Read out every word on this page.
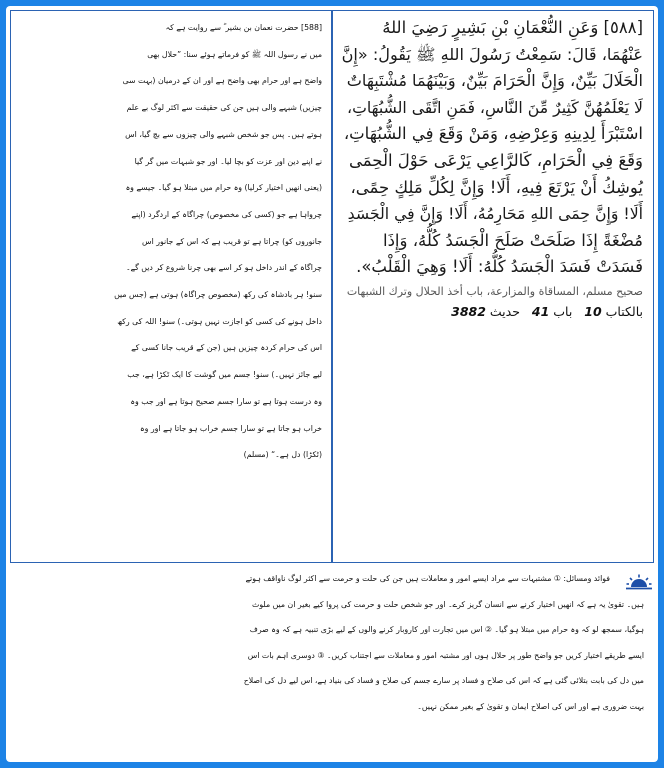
[٥٨٨] وَعَنِ النُّعْمَانِ بْنِ بَشِيرٍ رَضِيَ اللهُ
عَنْهُمَا، قَالَ: سَمِعْتُ رَسُولَ اللهِ ﷺ يَقُولُ: «إِنَّ
الْحَلَالَ بَيِّنٌ، وَإِنَّ الْحَرَامَ بَيِّنٌ، وَبَيْنَهُمَا مُشْتَبِهَاتٌ
لَا يَعْلَمُهُنَّ كَثِيرٌ مِّنَ النَّاسِ، فَمَنِ اتَّقَى الشُّبُهَاتِ،
اسْتَبْرَأَ لِدِينِهِ وَعِرْضِهِ، وَمَنْ وَقَعَ فِي الشُّبُهَاتِ،
وَقَعَ فِي الْحَرَامِ، كَالرَّاعِي يَرْعَى حَوْلَ الْحِمَى
يُوشِكُ أَنْ يَرْتَعَ فِيهِ، أَلَا! وَإِنَّ لِكُلِّ مَلِكٍ حِمًى،
أَلَا! وَإِنَّ حِمَى اللهِ مَحَارِمُهُ، أَلَا! وَإِنَّ فِي الْجَسَدِ
مُضْغَةً إِذَا صَلَحَتْ صَلَحَ الْجَسَدُ كُلُّهُ، وَإِذَا
فَسَدَتْ فَسَدَ الْجَسَدُ كُلُّهُ: أَلَا! وَهِيَ الْقَلْبُ».
صحيح مسلم، المساقاة والمزارعة، باب أخذ الحلال وترك الشبهات
بالکتاب 10   باب 41   حدیث 3882
[588] حضرت نعمان بن بشیر ؓ سے روایت ہے کہ
میں نے رسول اللہ ﷺ کو فرماتے ہوئے سنا: ”حلال بھی
واضح ہے اور حرام بھی واضح ہے اور ان کے درمیان (بہت سی
چیزیں) شبہے والی ہیں جن کی حقیقت سے اکثر لوگ بے علم
ہوتے ہیں۔ پس جو شخص شبہے والی چیزوں سے بچ گیا، اس
نے اپنے دین اور عزت کو بچا لیا۔ اور جو شبہات میں گر گیا
(یعنی انھیں اختیار کرلیا) وہ حرام میں مبتلا ہو گیا۔ جیسے وہ
چرواہا ہے جو (کسی کی مخصوص) چراگاہ کے اردگرد (اپنے
جانوروں کو) چراتا ہے تو قریب ہے کہ اس کے جانور اس
چراگاہ کے اندر داخل ہو کر اسے بھی چرنا شروع کر دیں گے۔
سنو! ہر بادشاہ کی رکھ (مخصوص چراگاہ) ہوتی ہے (جس میں
داخل ہونے کی کسی کو اجازت نہیں ہوتی۔) سنو! اللہ کی رکھ
اس کی حرام کردہ چیزیں ہیں (جن کے قریب جانا کسی کے
لیے جائز نہیں۔) سنو! جسم میں گوشت کا ایک ٹکڑا ہے، جب
وہ درست ہوتا ہے تو سارا جسم صحیح ہوتا ہے اور جب وہ
خراب ہو جاتا ہے تو سارا جسم خراب ہو جاتا ہے اور وہ
(ٹکڑا) دل ہے۔“ (مسلم)
فوائد ومسائل: ① مشتبہات سے مراد ایسے امور و معاملات ہیں جن کی حلت و حرمت سے اکثر لوگ ناواقف ہوتے
ہیں۔ تقویٰ یہ ہے کہ انھیں اختیار کرنے سے انسان گریز کرے۔ اور جو شخص حلت و حرمت کی پروا کیے بغیر ان میں ملوث
ہوگیا، سمجھ لو کہ وہ حرام میں مبتلا ہو گیا۔ ② اس میں تجارت اور کاروبار کرنے والوں کے لیے بڑی تنبیہ ہے کہ وہ صرف
ایسے طریقے اختیار کریں جو واضح طور پر حلال ہوں اور مشتبہ امور و معاملات سے اجتناب کریں۔ ③ دوسری اہم بات اس
میں دل کی بابت بتلائی گئی ہے کہ اس کی صلاح و فساد پر سارے جسم کی صلاح و فساد کی بنیاد ہے، اس لیے دل کی اصلاح
بہت ضروری ہے اور اس کی اصلاح ایمان و تقویٰ کے بغیر ممکن نہیں۔
